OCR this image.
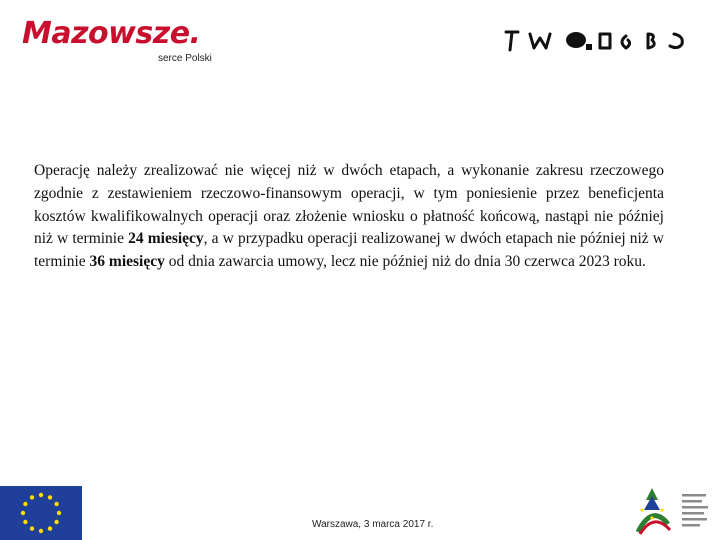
Mazowsze.
serce Polski

Operację należy zrealizować nie więcej niż w dwóch etapach, a wykonanie zakresu rzeczowego zgodnie z zestawieniem rzeczowo-finansowym operacji, w tym poniesienie przez beneficjenta kosztów kwalifikowalnych operacji oraz złożenie wniosku o płatność końcową, nastąpi nie później niż w terminie 24 miesięcy, a w przypadku operacji realizowanej w dwóch etapach nie później niż w terminie 36 miesięcy od dnia zawarcia umowy, lecz nie później niż do dnia 30 czerwca 2023 roku.

Warszawa, 3 marca 2017 r.
